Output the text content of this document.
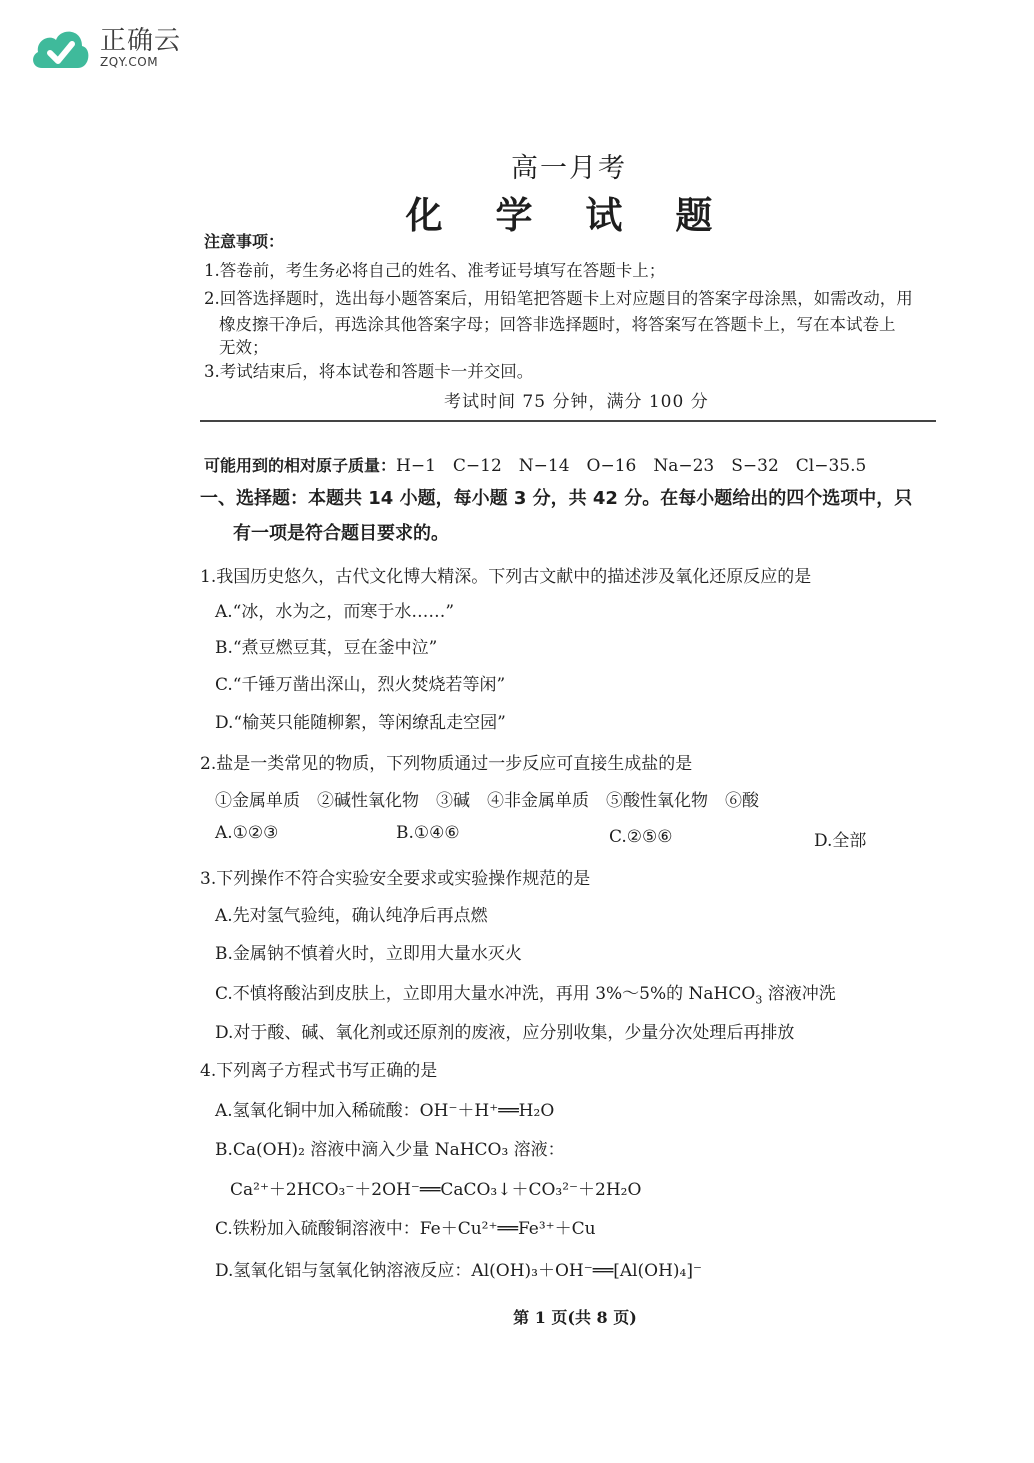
正确云
ZQY.COM
高一月考
化 学 试 题
注意事项：
1.答卷前，考生务必将自己的姓名、准考证号填写在答题卡上；
2.回答选择题时，选出每小题答案后，用铅笔把答题卡上对应题目的答案字母涂黑，如需改动，用
橡皮擦干净后，再选涂其他答案字母；回答非选择题时，将答案写在答题卡上，写在本试卷上
无效；
3.考试结束后，将本试卷和答题卡一并交回。
考试时间 75 分钟，满分 100 分
可能用到的相对原子质量：H−1　C−12　N−14　O−16　Na−23　S−32　Cl−35.5
一、选择题：本题共 14 小题，每小题 3 分，共 42 分。在每小题给出的四个选项中，只
有一项是符合题目要求的。
1.我国历史悠久，古代文化博大精深。下列古文献中的描述涉及氧化还原反应的是
A.“冰，水为之，而寒于水……”
B.“煮豆燃豆萁，豆在釜中泣”
C.“千锤万凿出深山，烈火焚烧若等闲”
D.“榆荚只能随柳絮，等闲缭乱走空园”
2.盐是一类常见的物质，下列物质通过一步反应可直接生成盐的是
①金属单质　②碱性氧化物　③碱　④非金属单质　⑤酸性氧化物　⑥酸
A.①②③	B.①④⑥	C.②⑤⑥	D.全部
3.下列操作不符合实验安全要求或实验操作规范的是
A.先对氢气验纯，确认纯净后再点燃
B.金属钠不慎着火时，立即用大量水灭火
C.不慎将酸沾到皮肤上，立即用大量水冲洗，再用 3%～5%的 NaHCO$_3$ 溶液冲洗
D.对于酸、碱、氧化剂或还原剂的废液，应分别收集，少量分次处理后再排放
4.下列离子方程式书写正确的是
A.氢氧化铜中加入稀硫酸：OH⁻＋H⁺══H₂O
B.Ca(OH)₂ 溶液中滴入少量 NaHCO₃ 溶液：
Ca²⁺＋2HCO₃⁻＋2OH⁻══CaCO₃↓＋CO₃²⁻＋2H₂O
C.铁粉加入硫酸铜溶液中：Fe＋Cu²⁺══Fe³⁺＋Cu
D.氢氧化铝与氢氧化钠溶液反应：Al(OH)₃＋OH⁻══[Al(OH)₄]⁻
第 1 页(共 8 页)
